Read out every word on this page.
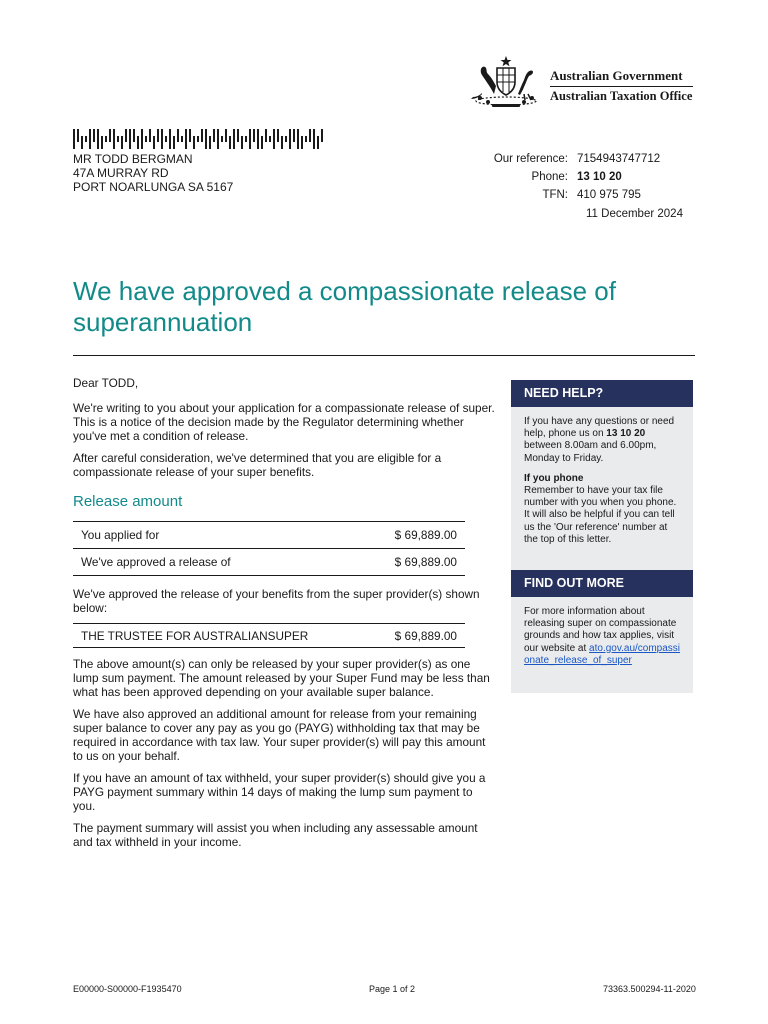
Australian Government
Australian Taxation Office
MR TODD BERGMAN
47A MURRAY RD
PORT NOARLUNGA SA 5167
Our reference: 7154943747712
Phone: 13 10 20
TFN: 410 975 795
11 December 2024
We have approved a compassionate release of superannuation

Dear TODD,

We're writing to you about your application for a compassionate release of super. This is a notice of the decision made by the Regulator determining whether you've met a condition of release.

After careful consideration, we've determined that you are eligible for a compassionate release of your super benefits.

Release amount

You applied for	$ 69,889.00
We've approved a release of	$ 69,889.00

We've approved the release of your benefits from the super provider(s) shown below:

THE TRUSTEE FOR AUSTRALIANSUPER	$ 69,889.00

The above amount(s) can only be released by your super provider(s) as one lump sum payment. The amount released by your Super Fund may be less than what has been approved depending on your available super balance.

We have also approved an additional amount for release from your remaining super balance to cover any pay as you go (PAYG) withholding tax that may be required in accordance with tax law. Your super provider(s) will pay this amount to us on your behalf.

If you have an amount of tax withheld, your super provider(s) should give you a PAYG payment summary within 14 days of making the lump sum payment to you.

The payment summary will assist you when including any assessable amount and tax withheld in your income.

NEED HELP?
If you have any questions or need help, phone us on 13 10 20 between 8.00am and 6.00pm, Monday to Friday.
If you phone
Remember to have your tax file number with you when you phone. It will also be helpful if you can tell us the 'Our reference' number at the top of this letter.
FIND OUT MORE
For more information about releasing super on compassionate grounds and how tax applies, visit our website at ato.gov.au/compassionate_release_of_super
E00000-S00000-F1935470	Page 1 of 2	73363.500294-11-2020
